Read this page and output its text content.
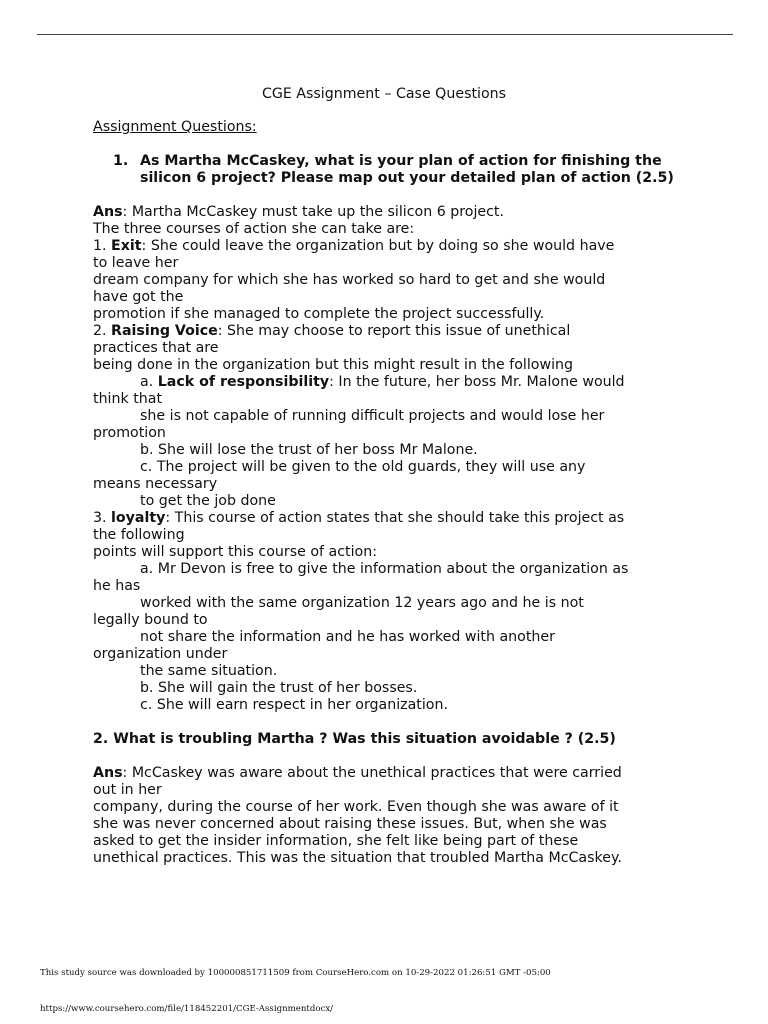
CGE Assignment – Case Questions
Assignment Questions:
1. As Martha McCaskey, what is your plan of action for finishing the silicon 6 project? Please map out your detailed plan of action (2.5)
Ans: Martha McCaskey must take up the silicon 6 project.
The three courses of action she can take are:
1. Exit: She could leave the organization but by doing so she would have
to leave her
dream company for which she has worked so hard to get and she would
have got the
promotion if she managed to complete the project successfully.
2. Raising Voice: She may choose to report this issue of unethical
practices that are
being done in the organization but this might result in the following
a. Lack of responsibility: In the future, her boss Mr. Malone would
think that
she is not capable of running difficult projects and would lose her
promotion
b. She will lose the trust of her boss Mr Malone.
c. The project will be given to the old guards, they will use any
means necessary
to get the job done
3. loyalty: This course of action states that she should take this project as
the following
points will support this course of action:
a. Mr Devon is free to give the information about the organization as
he has
worked with the same organization 12 years ago and he is not
legally bound to
not share the information and he has worked with another
organization under
the same situation.
b. She will gain the trust of her bosses.
c. She will earn respect in her organization.
2. What is troubling Martha ? Was this situation avoidable ? (2.5)
Ans: McCaskey was aware about the unethical practices that were carried
out in her
company, during the course of her work. Even though she was aware of it
she was never concerned about raising these issues. But, when she was
asked to get the insider information, she felt like being part of these
unethical practices. This was the situation that troubled Martha McCaskey.
This study source was downloaded by 100000851711509 from CourseHero.com on 10-29-2022 01:26:51 GMT -05:00
https://www.coursehero.com/file/118452201/CGE-Assignmentdocx/
